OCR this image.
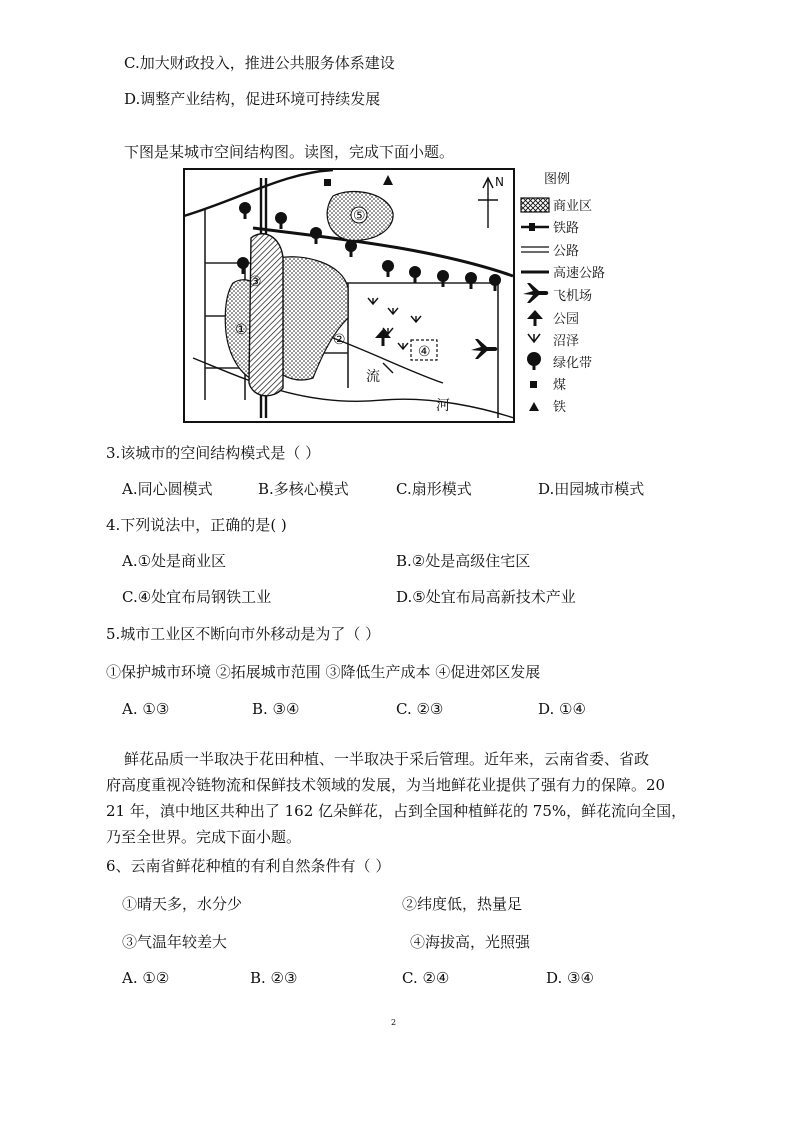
C.加大财政投入，推进公共服务体系建设
D.调整产业结构，促进环境可持续发展
下图是某城市空间结构图。读图，完成下面小题。
N
⑤
①
②
③
④
流
河
图例
商业区
铁路
公路
高速公路
飞机场
公园
沼泽
绿化带
煤
铁
3.该城市的空间结构模式是（ ）
A.同心圆模式	B.多核心模式	C.扇形模式	D.田园城市模式
4.下列说法中，正确的是( )
A.①处是商业区	B.②处是高级住宅区
C.④处宜布局钢铁工业	D.⑤处宜布局高新技术产业
5.城市工业区不断向市外移动是为了（ ）
①保护城市环境 ②拓展城市范围 ③降低生产成本 ④促进郊区发展
A. ①③	B. ③④	C. ②③	D. ①④
鲜花品质一半取决于花田种植、一半取决于采后管理。近年来，云南省委、省政
府高度重视冷链物流和保鲜技术领域的发展，为当地鲜花业提供了强有力的保障。20
21 年，滇中地区共种出了 162 亿朵鲜花，占到全国种植鲜花的 75%，鲜花流向全国，
乃至全世界。完成下面小题。
6、云南省鲜花种植的有利自然条件有（ ）
①晴天多，水分少	②纬度低，热量足
③气温年较差大	④海拔高，光照强
A. ①②	B. ②③	C. ②④	D. ③④
2
